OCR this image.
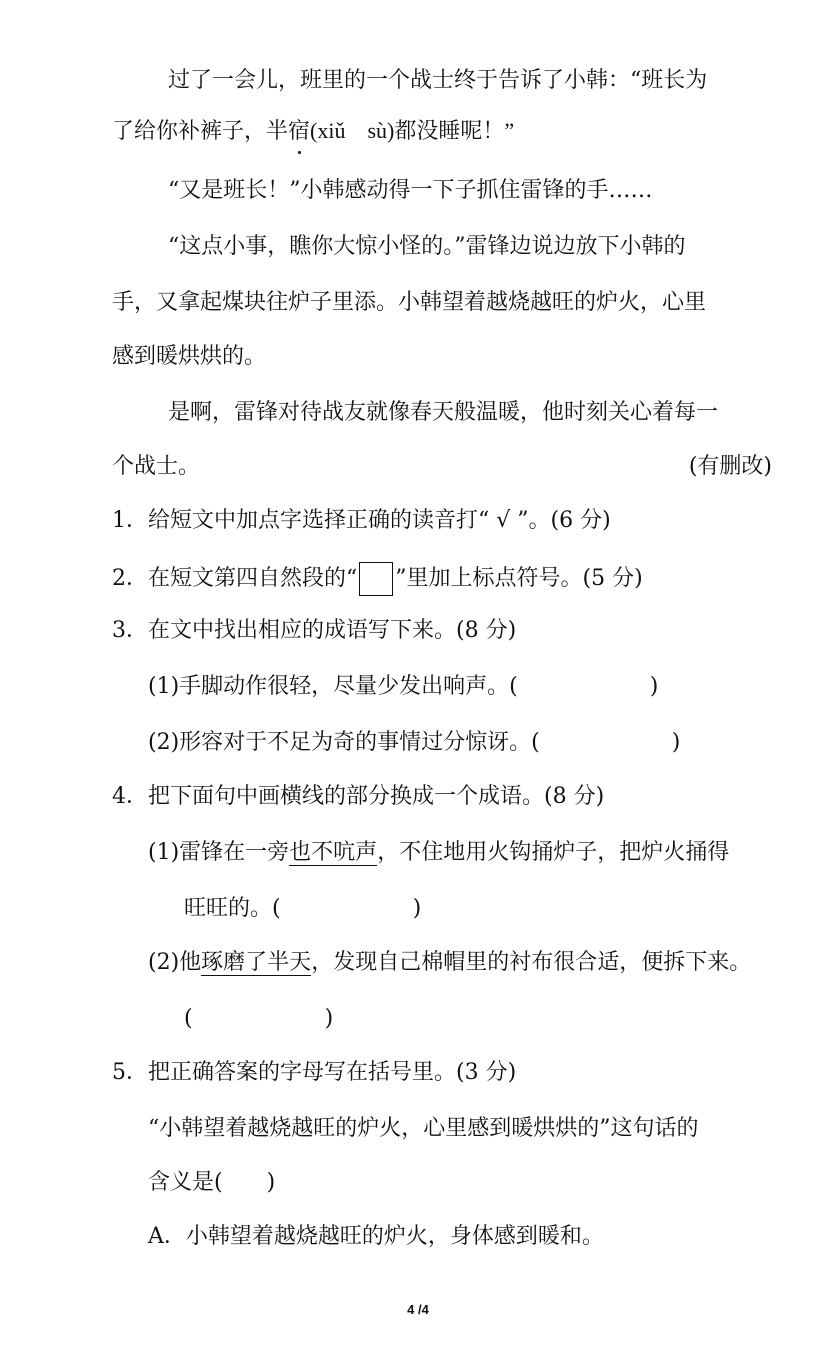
过了一会儿，班里的一个战士终于告诉了小韩：“班长为
了给你补裤子，半宿(xiǔ　sù)都没睡呢！”
“又是班长！”小韩感动得一下子抓住雷锋的手……
“这点小事，瞧你大惊小怪的。”雷锋边说边放下小韩的
手，又拿起煤块往炉子里添。小韩望着越烧越旺的炉火，心里
感到暖烘烘的。
是啊，雷锋对待战友就像春天般温暖，他时刻关心着每一
个战士。	(有删改)
1．给短文中加点字选择正确的读音打“ √ ”。(6 分)
2．在短文第四自然段的“ ”里加上标点符号。(5 分)
3．在文中找出相应的成语写下来。(8 分)
(1)手脚动作很轻，尽量少发出响声。(　　　　　　)
(2)形容对于不足为奇的事情过分惊讶。(　　　　　　)
4．把下面句中画横线的部分换成一个成语。(8 分)
(1)雷锋在一旁也不吭声，不住地用火钩捅炉子，把炉火捅得
旺旺的。(　　　　　　)
(2)他琢磨了半天，发现自己棉帽里的衬布很合适，便拆下来。
(　　　　　　)
5．把正确答案的字母写在括号里。(3 分)
“小韩望着越烧越旺的炉火，心里感到暖烘烘的”这句话的
含义是(　　)
A．小韩望着越烧越旺的炉火，身体感到暖和。
4 /4
